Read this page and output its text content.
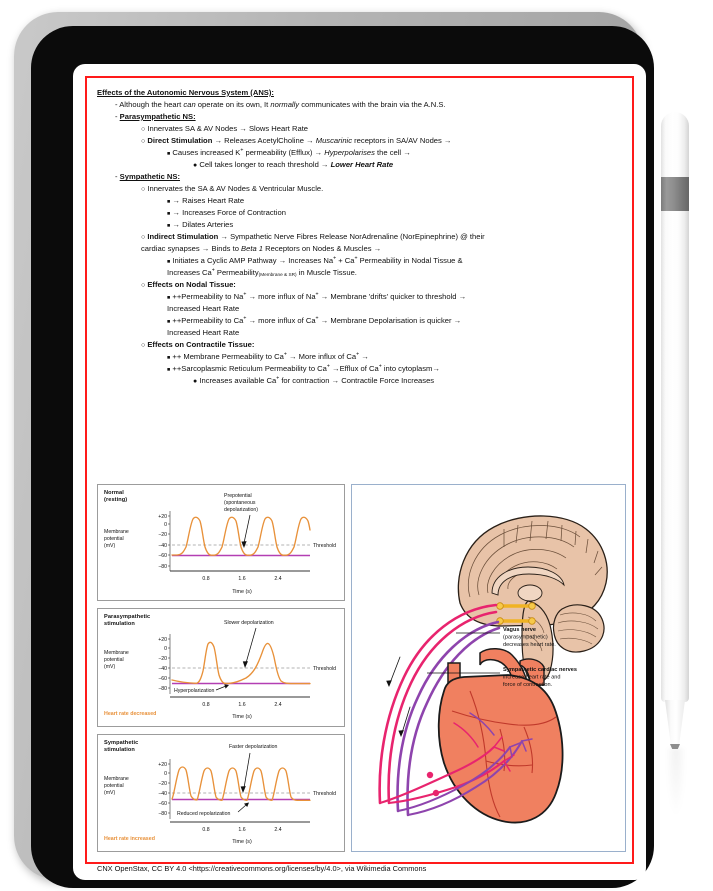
Effects of the Autonomic Nervous System (ANS):
- Although the heart can operate on its own, It normally communicates with the brain via the A.N.S.
- Parasympathetic NS:
○ Innervates SA & AV Nodes → Slows Heart Rate
○ Direct Stimulation → Releases AcetylCholine → Muscarinic receptors in SA/AV Nodes →
■ Causes increased K+ permeability (Efflux) → Hyperpolarises the cell →
● Cell takes longer to reach threshold → Lower Heart Rate
- Sympathetic NS:
○ Innervates the SA & AV Nodes & Ventricular Muscle.
■ → Raises Heart Rate
■ → Increases Force of Contraction
■ → Dilates Arteries
○ Indirect Stimulation → Sympathetic Nerve Fibres Release NorAdrenaline (NorEpinephrine) @ their
cardiac synapses → Binds to Beta 1 Receptors on Nodes & Muscles →
■ Initiates a Cyclic AMP Pathway → Increases Na+ + Ca+ Permeability in Nodal Tissue &
Increases Ca+ Permeability$_{(Membrane \& SR)}$ in Muscle Tissue.
○ Effects on Nodal Tissue:
■ ++Permeability to Na+ → more influx of Na+ → Membrane 'drifts' quicker to threshold →
Increased Heart Rate
■ ++Permeability to Ca+ → more influx of Ca+ → Membrane Depolarisation is quicker →
Increased Heart Rate
○ Effects on Contractile Tissue:
■ ++ Membrane Permeability to Ca+ → More influx of Ca+ →
■ ++Sarcoplasmic Reticulum Permeability to Ca+ →Efflux of Ca+ into cytoplasm→
● Increases available Ca+ for contraction → Contractile Force Increases
Normal
(resting)
Membrane
potential
(mV)
Prepotential
(spontaneous
depolarization)
+20
0
−20
−40
−60
−80
0.8	1.6	2.4
Time (s)
Threshold
Parasympathetic
stimulation
Membrane
potential
(mV)
Heart rate decreased
Slower depolarization
+20
0
−20
−40
−60
−80
0.8	1.6	2.4
Time (s)
Threshold
Hyperpolarization
Sympathetic
stimulation
Membrane
potential
(mV)
Heart rate increased
Faster depolarization
+20
0
−20
−40
−60
−80
0.8	1.6	2.4
Time (s)
Threshold
Reduced repolarization
Vagus nerve
(parasympathetic)
decreases heart rate.
Sympathetic cardiac nerves
increase heart rate and
force of contraction.
CNX OpenStax, CC BY 4.0 <https://creativecommons.org/licenses/by/4.0>, via Wikimedia Commons
